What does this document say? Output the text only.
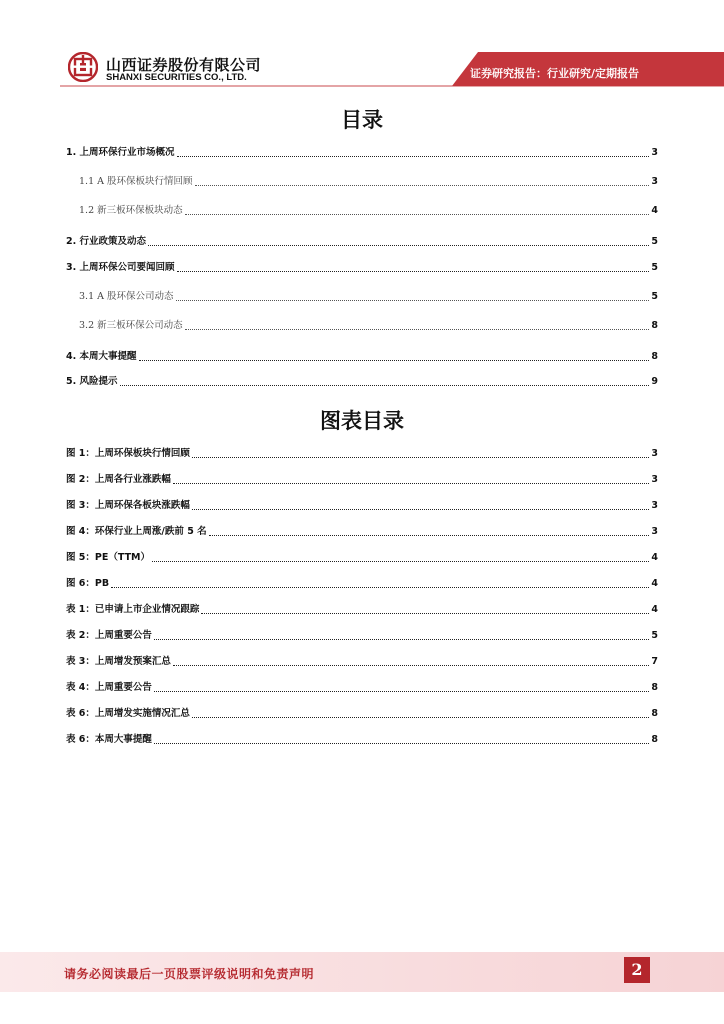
山西证券股份有限公司
SHANXI SECURITIES CO., LTD.	证券研究报告：行业研究/定期报告
目录
1. 上周环保行业市场概况	3
1.1 A 股环保板块行情回顾	3
1.2 新三板环保板块动态	4
2. 行业政策及动态	5
3. 上周环保公司要闻回顾	5
3.1 A 股环保公司动态	5
3.2 新三板环保公司动态	8
4. 本周大事提醒	8
5. 风险提示	9
图表目录
图 1：上周环保板块行情回顾	3
图 2：上周各行业涨跌幅	3
图 3：上周环保各板块涨跌幅	3
图 4：环保行业上周涨/跌前 5 名	3
图 5：PE（TTM）	4
图 6：PB	4
表 1：已申请上市企业情况跟踪	4
表 2：上周重要公告	5
表 3：上周增发预案汇总	7
表 4：上周重要公告	8
表 6：上周增发实施情况汇总	8
表 6：本周大事提醒	8
请务必阅读最后一页股票评级说明和免责声明	2
